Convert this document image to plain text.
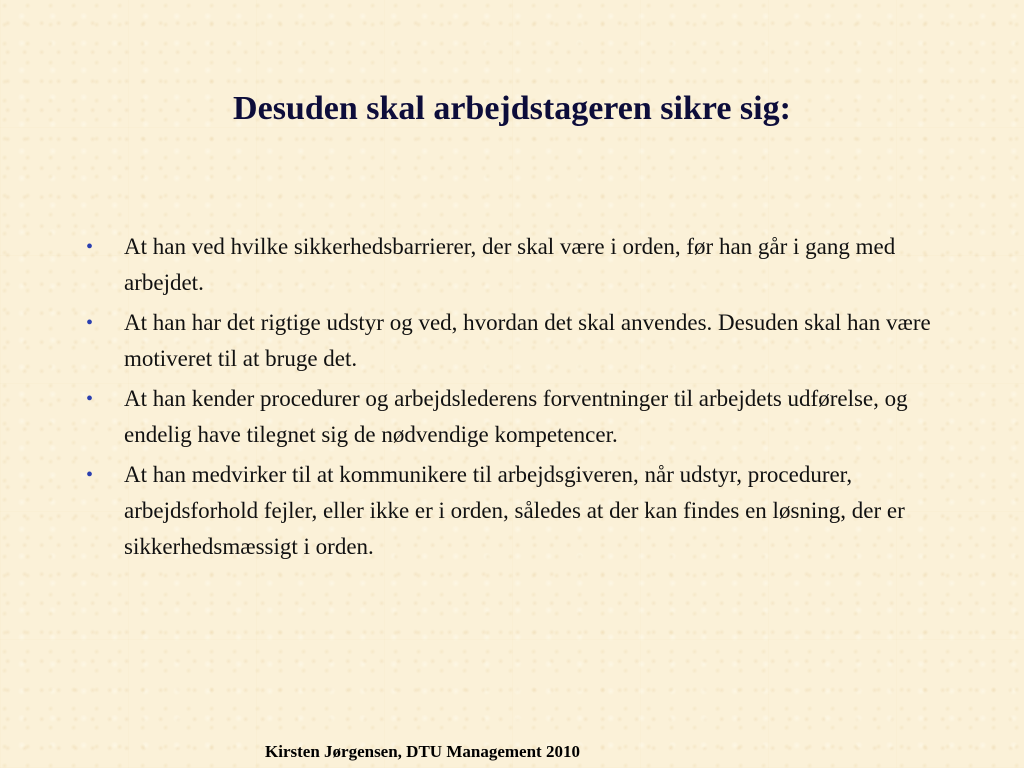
Desuden skal arbejdstageren sikre sig:
• At han ved hvilke sikkerhedsbarrierer, der skal være i orden, før han går i gang med arbejdet.
• At han har det rigtige udstyr og ved, hvordan det skal anvendes. Desuden skal han være motiveret til at bruge det.
• At han kender procedurer og arbejdslederens forventninger til arbejdets udførelse, og endelig have tilegnet sig de nødvendige kompetencer.
• At han medvirker til at kommunikere til arbejdsgiveren, når udstyr, procedurer, arbejdsforhold fejler, eller ikke er i orden, således at der kan findes en løsning, der er sikkerhedsmæssigt i orden.
Kirsten Jørgensen, DTU Management 2010
